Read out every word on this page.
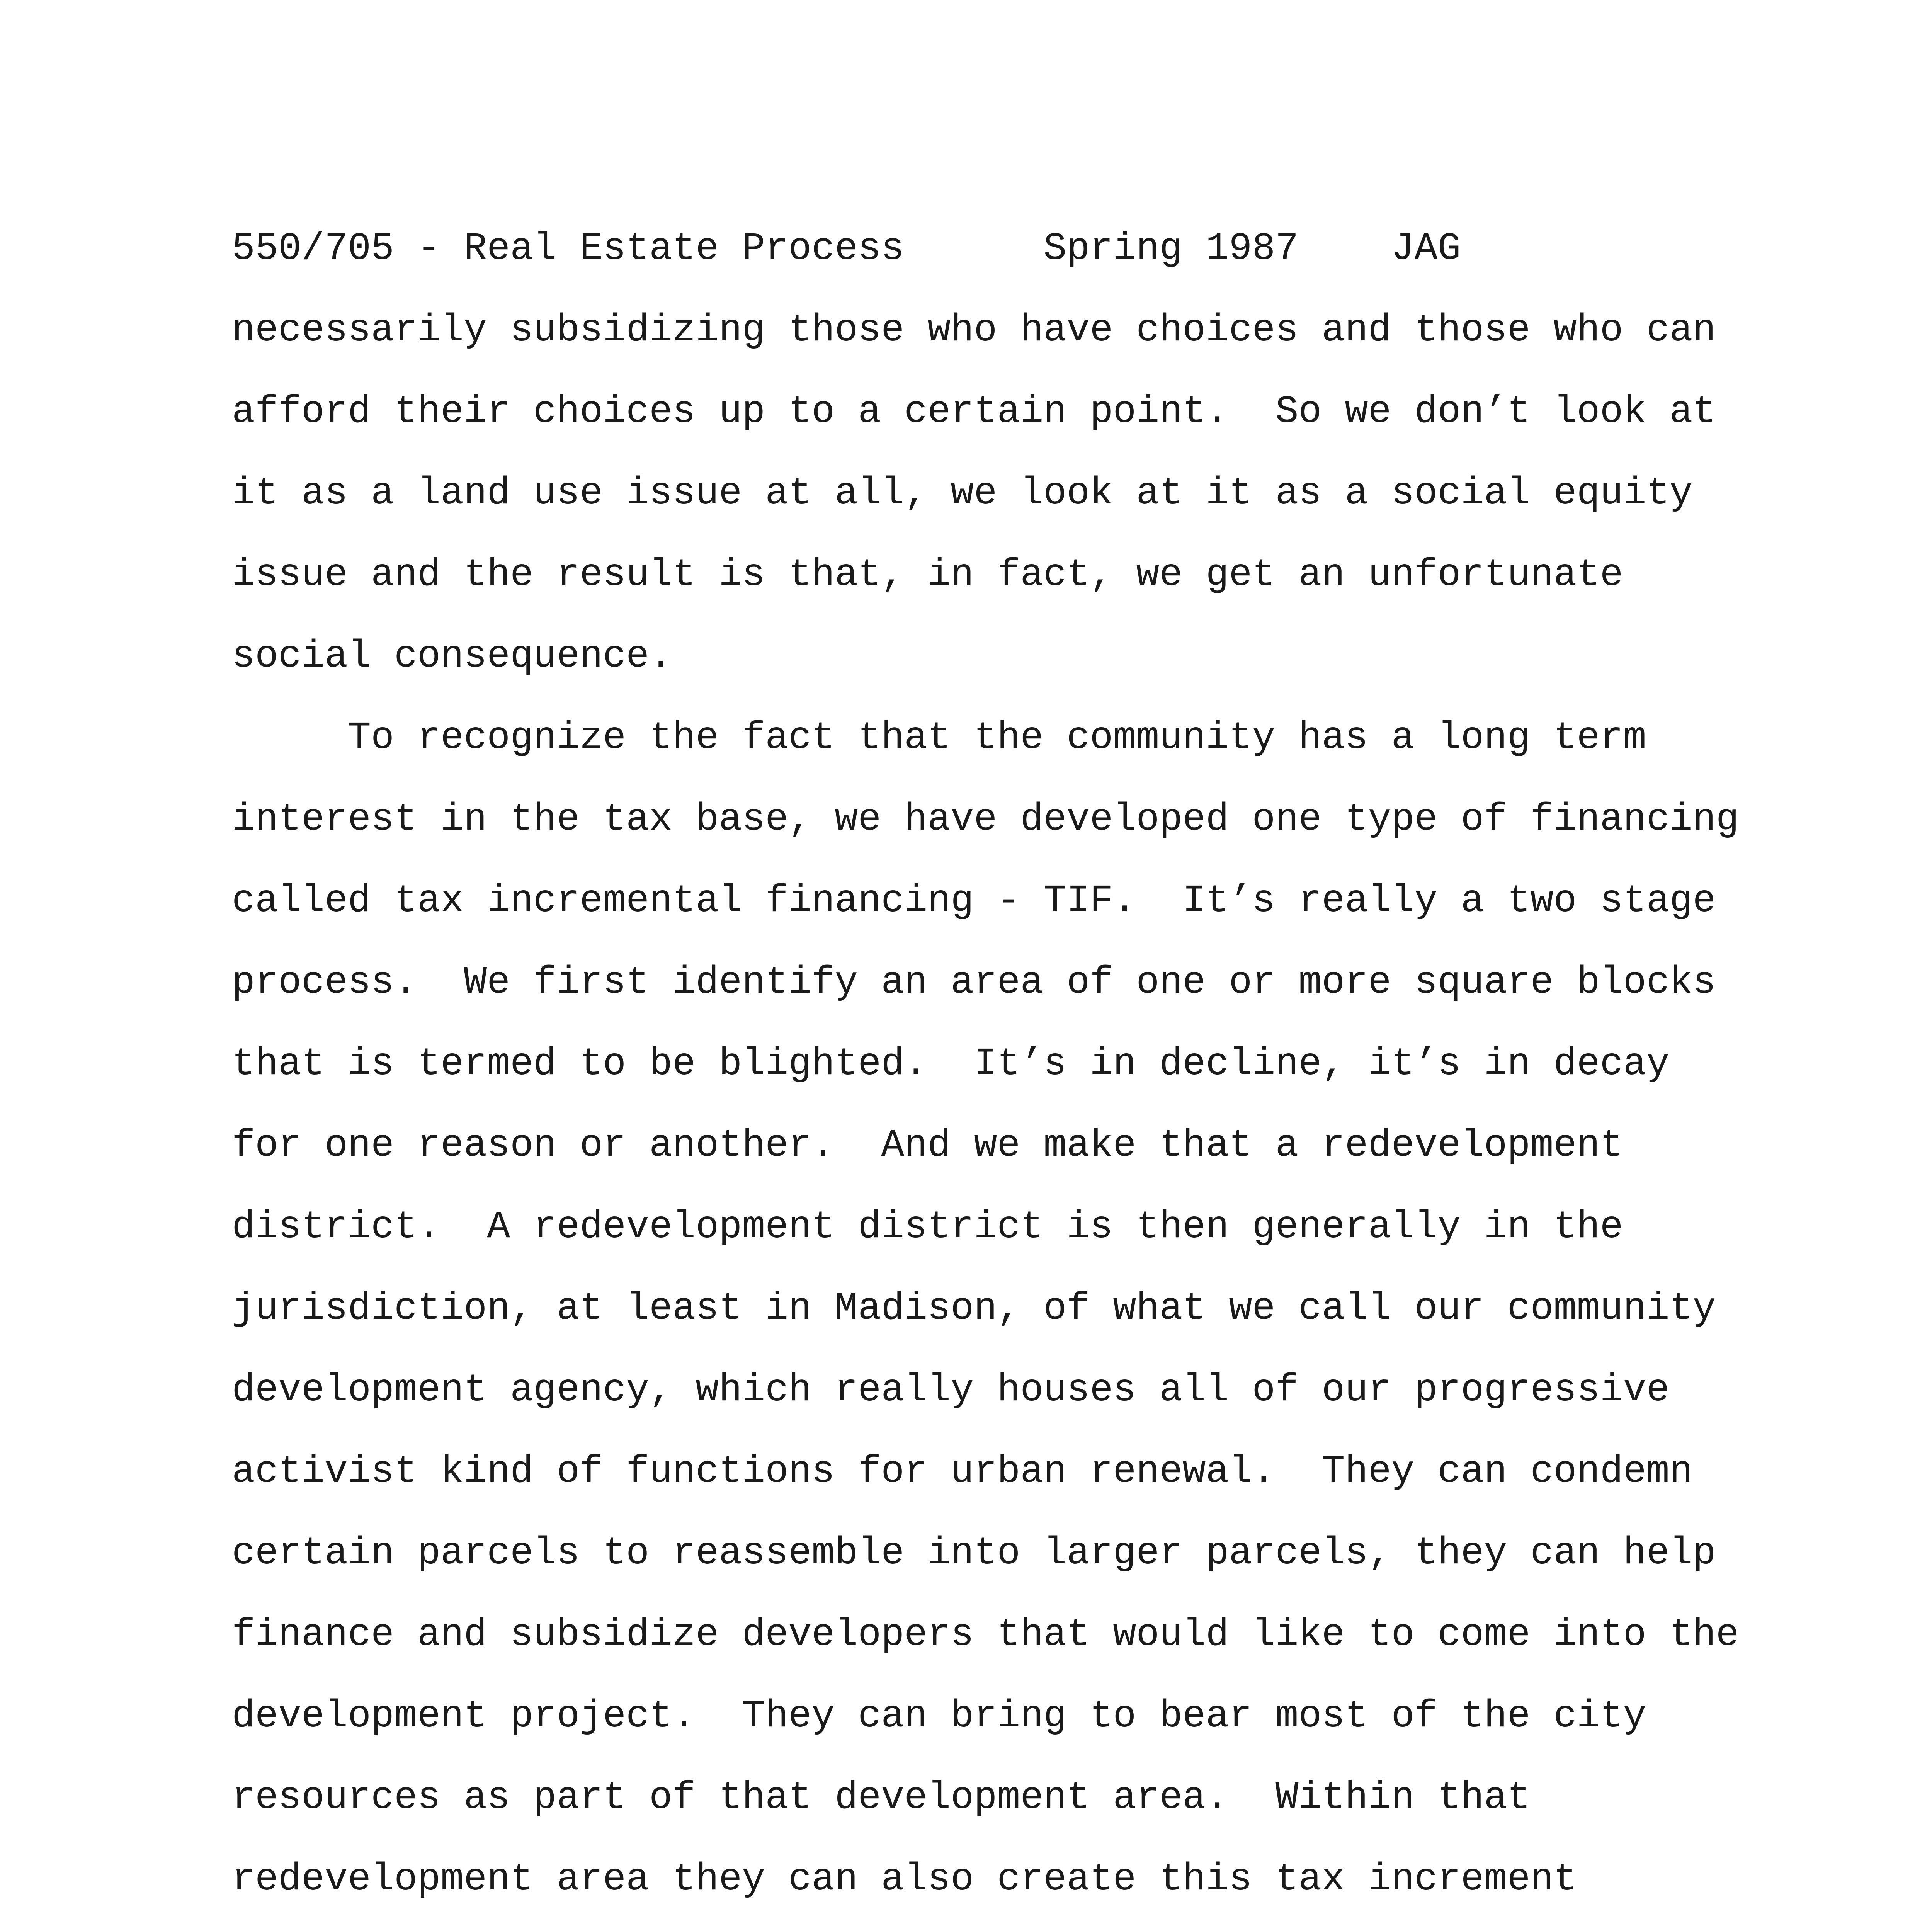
550/705 - Real Estate Process      Spring 1987    JAG

necessarily subsidizing those who have choices and those who can

afford their choices up to a certain point.  So we don’t look at

it as a land use issue at all, we look at it as a social equity

issue and the result is that, in fact, we get an unfortunate

social consequence.

To recognize the fact that the community has a long term

interest in the tax base, we have developed one type of financing

called tax incremental financing - TIF.  It’s really a two stage

process.  We first identify an area of one or more square blocks

that is termed to be blighted.  It’s in decline, it’s in decay

for one reason or another.  And we make that a redevelopment

district.  A redevelopment district is then generally in the

jurisdiction, at least in Madison, of what we call our community

development agency, which really houses all of our progressive

activist kind of functions for urban renewal.  They can condemn

certain parcels to reassemble into larger parcels, they can help

finance and subsidize developers that would like to come into the

development project.  They can bring to bear most of the city

resources as part of that development area.  Within that

redevelopment area they can also create this tax increment
